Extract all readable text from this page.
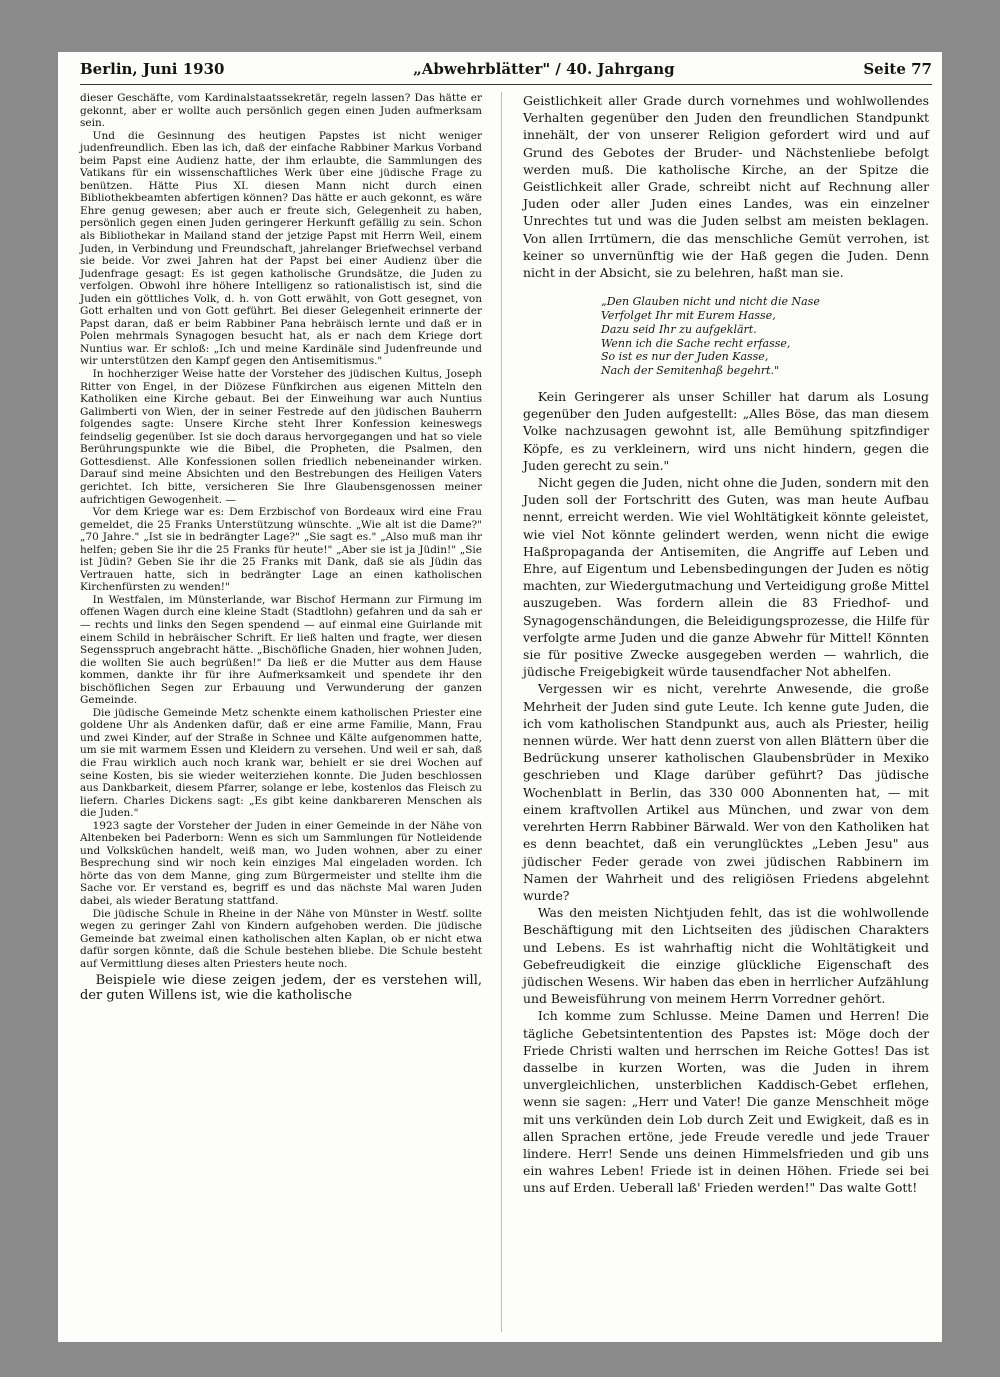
Berlin, Juni 1930	„Abwehrblätter" / 40. Jahrgang	Seite 77

dieser Geschäfte, vom Kardinalstaatssekretär, regeln lassen? Das hätte er gekonnt, aber er wollte auch persönlich gegen einen Juden aufmerksam sein.

Und die Gesinnung des heutigen Papstes ist nicht weniger judenfreundlich. Eben las ich, daß der einfache Rabbiner Markus Vorband beim Papst eine Audienz hatte, der ihm erlaubte, die Sammlungen des Vatikans für ein wissenschaftliches Werk über eine jüdische Frage zu benützen. Hätte Pius XI. diesen Mann nicht durch einen Bibliothekbeamten abfertigen können? Das hätte er auch gekonnt, es wäre Ehre genug gewesen; aber auch er freute sich, Gelegenheit zu haben, persönlich gegen einen Juden geringerer Herkunft gefällig zu sein. Schon als Bibliothekar in Mailand stand der jetzige Papst mit Herrn Weil, einem Juden, in Verbindung und Freundschaft, jahrelanger Briefwechsel verband sie beide. Vor zwei Jahren hat der Papst bei einer Audienz über die Judenfrage gesagt: Es ist gegen katholische Grundsätze, die Juden zu verfolgen. Obwohl ihre höhere Intelligenz so rationalistisch ist, sind die Juden ein göttliches Volk, d. h. von Gott erwählt, von Gott gesegnet, von Gott erhalten und von Gott geführt. Bei dieser Gelegenheit erinnerte der Papst daran, daß er beim Rabbiner Pana hebräisch lernte und daß er in Polen mehrmals Synagogen besucht hat, als er nach dem Kriege dort Nuntius war. Er schloß: „Ich und meine Kardinäle sind Judenfreunde und wir unterstützen den Kampf gegen den Antisemitismus."

In hochherziger Weise hatte der Vorsteher des jüdischen Kultus, Joseph Ritter von Engel, in der Diözese Fünfkirchen aus eigenen Mitteln den Katholiken eine Kirche gebaut. Bei der Einweihung war auch Nuntius Galimberti von Wien, der in seiner Festrede auf den jüdischen Bauherrn folgendes sagte: Unsere Kirche steht Ihrer Konfession keineswegs feindselig gegenüber. Ist sie doch daraus hervorgegangen und hat so viele Berührungspunkte wie die Bibel, die Propheten, die Psalmen, den Gottesdienst. Alle Konfessionen sollen friedlich nebeneinander wirken. Darauf sind meine Absichten und den Bestrebungen des Heiligen Vaters gerichtet. Ich bitte, versicheren Sie Ihre Glaubensgenossen meiner aufrichtigen Gewogenheit. —

Vor dem Kriege war es: Dem Erzbischof von Bordeaux wird eine Frau gemeldet, die 25 Franks Unterstützung wünschte. „Wie alt ist die Dame?" „70 Jahre." „Ist sie in bedrängter Lage?" „Sie sagt es." „Also muß man ihr helfen; geben Sie ihr die 25 Franks für heute!" „Aber sie ist ja Jüdin!" „Sie ist Jüdin? Geben Sie ihr die 25 Franks mit Dank, daß sie als Jüdin das Vertrauen hatte, sich in bedrängter Lage an einen katholischen Kirchenfürsten zu wenden!"

In Westfalen, im Münsterlande, war Bischof Hermann zur Firmung im offenen Wagen durch eine kleine Stadt (Stadtlohn) gefahren und da sah er — rechts und links den Segen spendend — auf einmal eine Guirlande mit einem Schild in hebräischer Schrift. Er ließ halten und fragte, wer diesen Segensspruch angebracht hätte. „Bischöfliche Gnaden, hier wohnen Juden, die wollten Sie auch begrüßen!" Da ließ er die Mutter aus dem Hause kommen, dankte ihr für ihre Aufmerksamkeit und spendete ihr den bischöflichen Segen zur Erbauung und Verwunderung der ganzen Gemeinde.

Die jüdische Gemeinde Metz schenkte einem katholischen Priester eine goldene Uhr als Andenken dafür, daß er eine arme Familie, Mann, Frau und zwei Kinder, auf der Straße in Schnee und Kälte aufgenommen hatte, um sie mit warmem Essen und Kleidern zu versehen. Und weil er sah, daß die Frau wirklich auch noch krank war, behielt er sie drei Wochen auf seine Kosten, bis sie wieder weiterziehen konnte. Die Juden beschlossen aus Dankbarkeit, diesem Pfarrer, solange er lebe, kostenlos das Fleisch zu liefern. Charles Dickens sagt: „Es gibt keine dankbareren Menschen als die Juden."

1923 sagte der Vorsteher der Juden in einer Gemeinde in der Nähe von Altenbeken bei Paderborn: Wenn es sich um Sammlungen für Notleidende und Volksküchen handelt, weiß man, wo Juden wohnen, aber zu einer Besprechung sind wir noch kein einziges Mal eingeladen worden. Ich hörte das von dem Manne, ging zum Bürgermeister und stellte ihm die Sache vor. Er verstand es, begriff es und das nächste Mal waren Juden dabei, als wieder Beratung stattfand.

Die jüdische Schule in Rheine in der Nähe von Münster in Westf. sollte wegen zu geringer Zahl von Kindern aufgehoben werden. Die jüdische Gemeinde bat zweimal einen katholischen alten Kaplan, ob er nicht etwa dafür sorgen könnte, daß die Schule bestehen bliebe. Die Schule besteht auf Vermittlung dieses alten Priesters heute noch.

Beispiele wie diese zeigen jedem, der es verstehen will, der guten Willens ist, wie die katholische

Geistlichkeit aller Grade durch vornehmes und wohlwollendes Verhalten gegenüber den Juden den freundlichen Standpunkt innehält, der von unserer Religion gefordert wird und auf Grund des Gebotes der Bruder- und Nächstenliebe befolgt werden muß. Die katholische Kirche, an der Spitze die Geistlichkeit aller Grade, schreibt nicht auf Rechnung aller Juden oder aller Juden eines Landes, was ein einzelner Unrechtes tut und was die Juden selbst am meisten beklagen. Von allen Irrtümern, die das menschliche Gemüt verrohen, ist keiner so unvernünftig wie der Haß gegen die Juden. Denn nicht in der Absicht, sie zu belehren, haßt man sie.

„Den Glauben nicht und nicht die Nase
Verfolget Ihr mit Eurem Hasse,
Dazu seid Ihr zu aufgeklärt.
Wenn ich die Sache recht erfasse,
So ist es nur der Juden Kasse,
Nach der Semitenhaß begehrt."

Kein Geringerer als unser Schiller hat darum als Losung gegenüber den Juden aufgestellt: „Alles Böse, das man diesem Volke nachzusagen gewohnt ist, alle Bemühung spitzfindiger Köpfe, es zu verkleinern, wird uns nicht hindern, gegen die Juden gerecht zu sein."

Nicht gegen die Juden, nicht ohne die Juden, sondern mit den Juden soll der Fortschritt des Guten, was man heute Aufbau nennt, erreicht werden. Wie viel Wohltätigkeit könnte geleistet, wie viel Not könnte gelindert werden, wenn nicht die ewige Haßpropaganda der Antisemiten, die Angriffe auf Leben und Ehre, auf Eigentum und Lebensbedingungen der Juden es nötig machten, zur Wiedergutmachung und Verteidigung große Mittel auszugeben. Was fordern allein die 83 Friedhof- und Synagogenschändungen, die Beleidigungsprozesse, die Hilfe für verfolgte arme Juden und die ganze Abwehr für Mittel! Könnten sie für positive Zwecke ausgegeben werden — wahrlich, die jüdische Freigebigkeit würde tausendfacher Not abhelfen.

Vergessen wir es nicht, verehrte Anwesende, die große Mehrheit der Juden sind gute Leute. Ich kenne gute Juden, die ich vom katholischen Standpunkt aus, auch als Priester, heilig nennen würde. Wer hatt denn zuerst von allen Blättern über die Bedrückung unserer katholischen Glaubensbrüder in Mexiko geschrieben und Klage darüber geführt? Das jüdische Wochenblatt in Berlin, das 330 000 Abonnenten hat, — mit einem kraftvollen Artikel aus München, und zwar von dem verehrten Herrn Rabbiner Bärwald. Wer von den Katholiken hat es denn beachtet, daß ein verunglücktes „Leben Jesu" aus jüdischer Feder gerade von zwei jüdischen Rabbinern im Namen der Wahrheit und des religiösen Friedens abgelehnt wurde?

Was den meisten Nichtjuden fehlt, das ist die wohlwollende Beschäftigung mit den Lichtseiten des jüdischen Charakters und Lebens. Es ist wahrhaftig nicht die Wohltätigkeit und Gebefreudigkeit die einzige glückliche Eigenschaft des jüdischen Wesens. Wir haben das eben in herrlicher Aufzählung und Beweisführung von meinem Herrn Vorredner gehört.

Ich komme zum Schlusse. Meine Damen und Herren! Die tägliche Gebetsintentention des Papstes ist: Möge doch der Friede Christi walten und herrschen im Reiche Gottes! Das ist dasselbe in kurzen Worten, was die Juden in ihrem unvergleichlichen, unsterblichen Kaddisch-Gebet erflehen, wenn sie sagen: „Herr und Vater! Die ganze Menschheit möge mit uns verkünden dein Lob durch Zeit und Ewigkeit, daß es in allen Sprachen ertöne, jede Freude veredle und jede Trauer lindere. Herr! Sende uns deinen Himmelsfrieden und gib uns ein wahres Leben! Friede ist in deinen Höhen. Friede sei bei uns auf Erden. Ueberall laß' Frieden werden!" Das walte Gott!
